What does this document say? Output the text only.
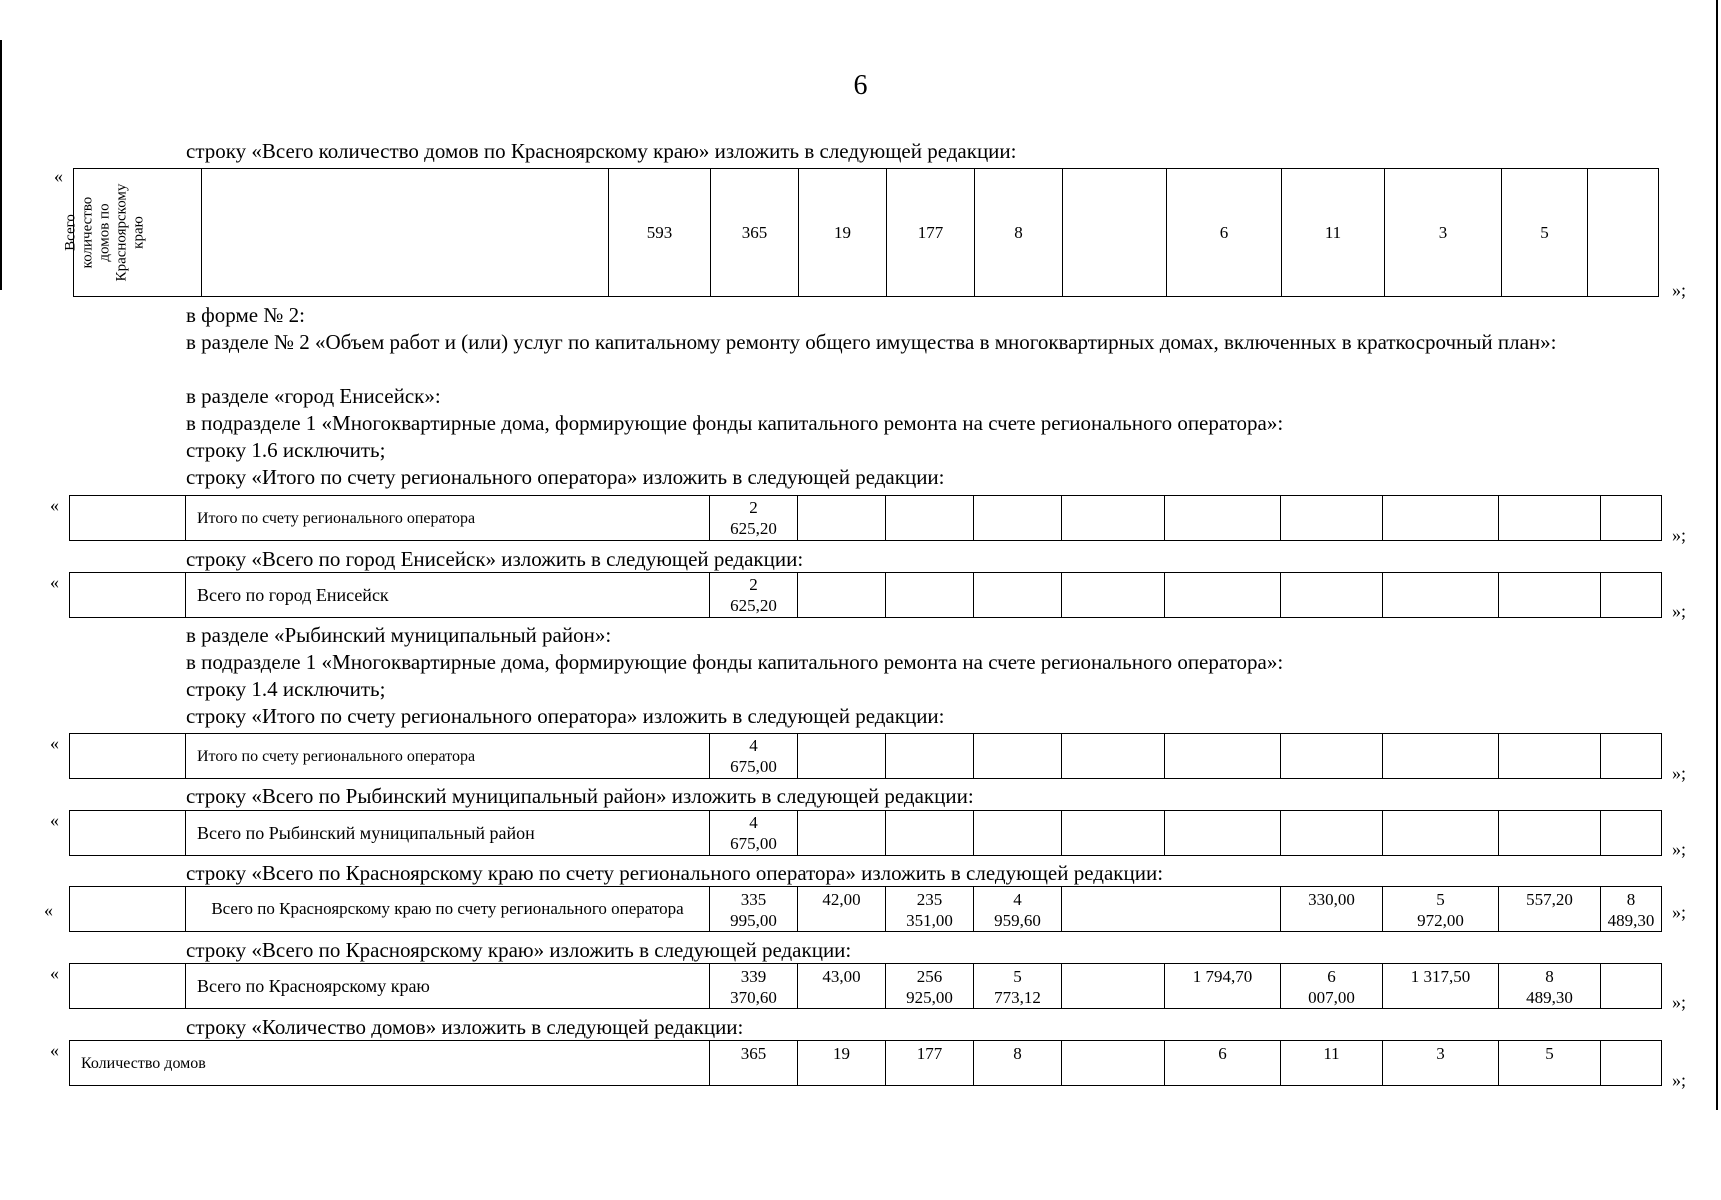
6
строку «Всего количество домов по Красноярскому краю» изложить в следующей редакции:
«
Всего
количество
домов по
Красноярскому
краю		593	365	19	177	8		6	11	3	5	
»;
в форме № 2:
в разделе № 2 «Объем работ и (или) услуг по капитальному ремонту общего имущества в многоквартирных домах, включенных в краткосрочный план»:
в разделе «город Енисейск»:
в подразделе 1 «Многоквартирные дома, формирующие фонды капитального ремонта на счете регионального оператора»:
строку 1.6 исключить;
строку «Итого по счету регионального оператора» изложить в следующей редакции:
«
	Итого по счету регионального оператора	2
625,20										»;
строку «Всего по город Енисейск» изложить в следующей редакции:
«
	Всего по город Енисейск	2
625,20										»;
в разделе «Рыбинский муниципальный район»:
в подразделе 1 «Многоквартирные дома, формирующие фонды капитального ремонта на счете регионального оператора»:
строку 1.4 исключить;
строку «Итого по счету регионального оператора» изложить в следующей редакции:
«
	Итого по счету регионального оператора	4
675,00										»;
строку «Всего по Рыбинский муниципальный район» изложить в следующей редакции:
«
	Всего по Рыбинский муниципальный район	4
675,00										»;
строку «Всего по Красноярскому краю по счету регионального оператора» изложить в следующей редакции:
«
		Всего по Красноярскому краю по счету регионального оператора	335
995,00	42,00	235
351,00	4
959,60		330,00	5
972,00	557,20	8
489,30	»;
строку «Всего по Красноярскому краю» изложить в следующей редакции:
«
	Всего по Красноярскому краю	339
370,60	43,00	256
925,00	5
773,12		1 794,70	6
007,00	1 317,50	8
489,30		»;
строку «Количество домов» изложить в следующей редакции:
«
Количество домов	365	19	177	8		6	11	3	5	
»;
